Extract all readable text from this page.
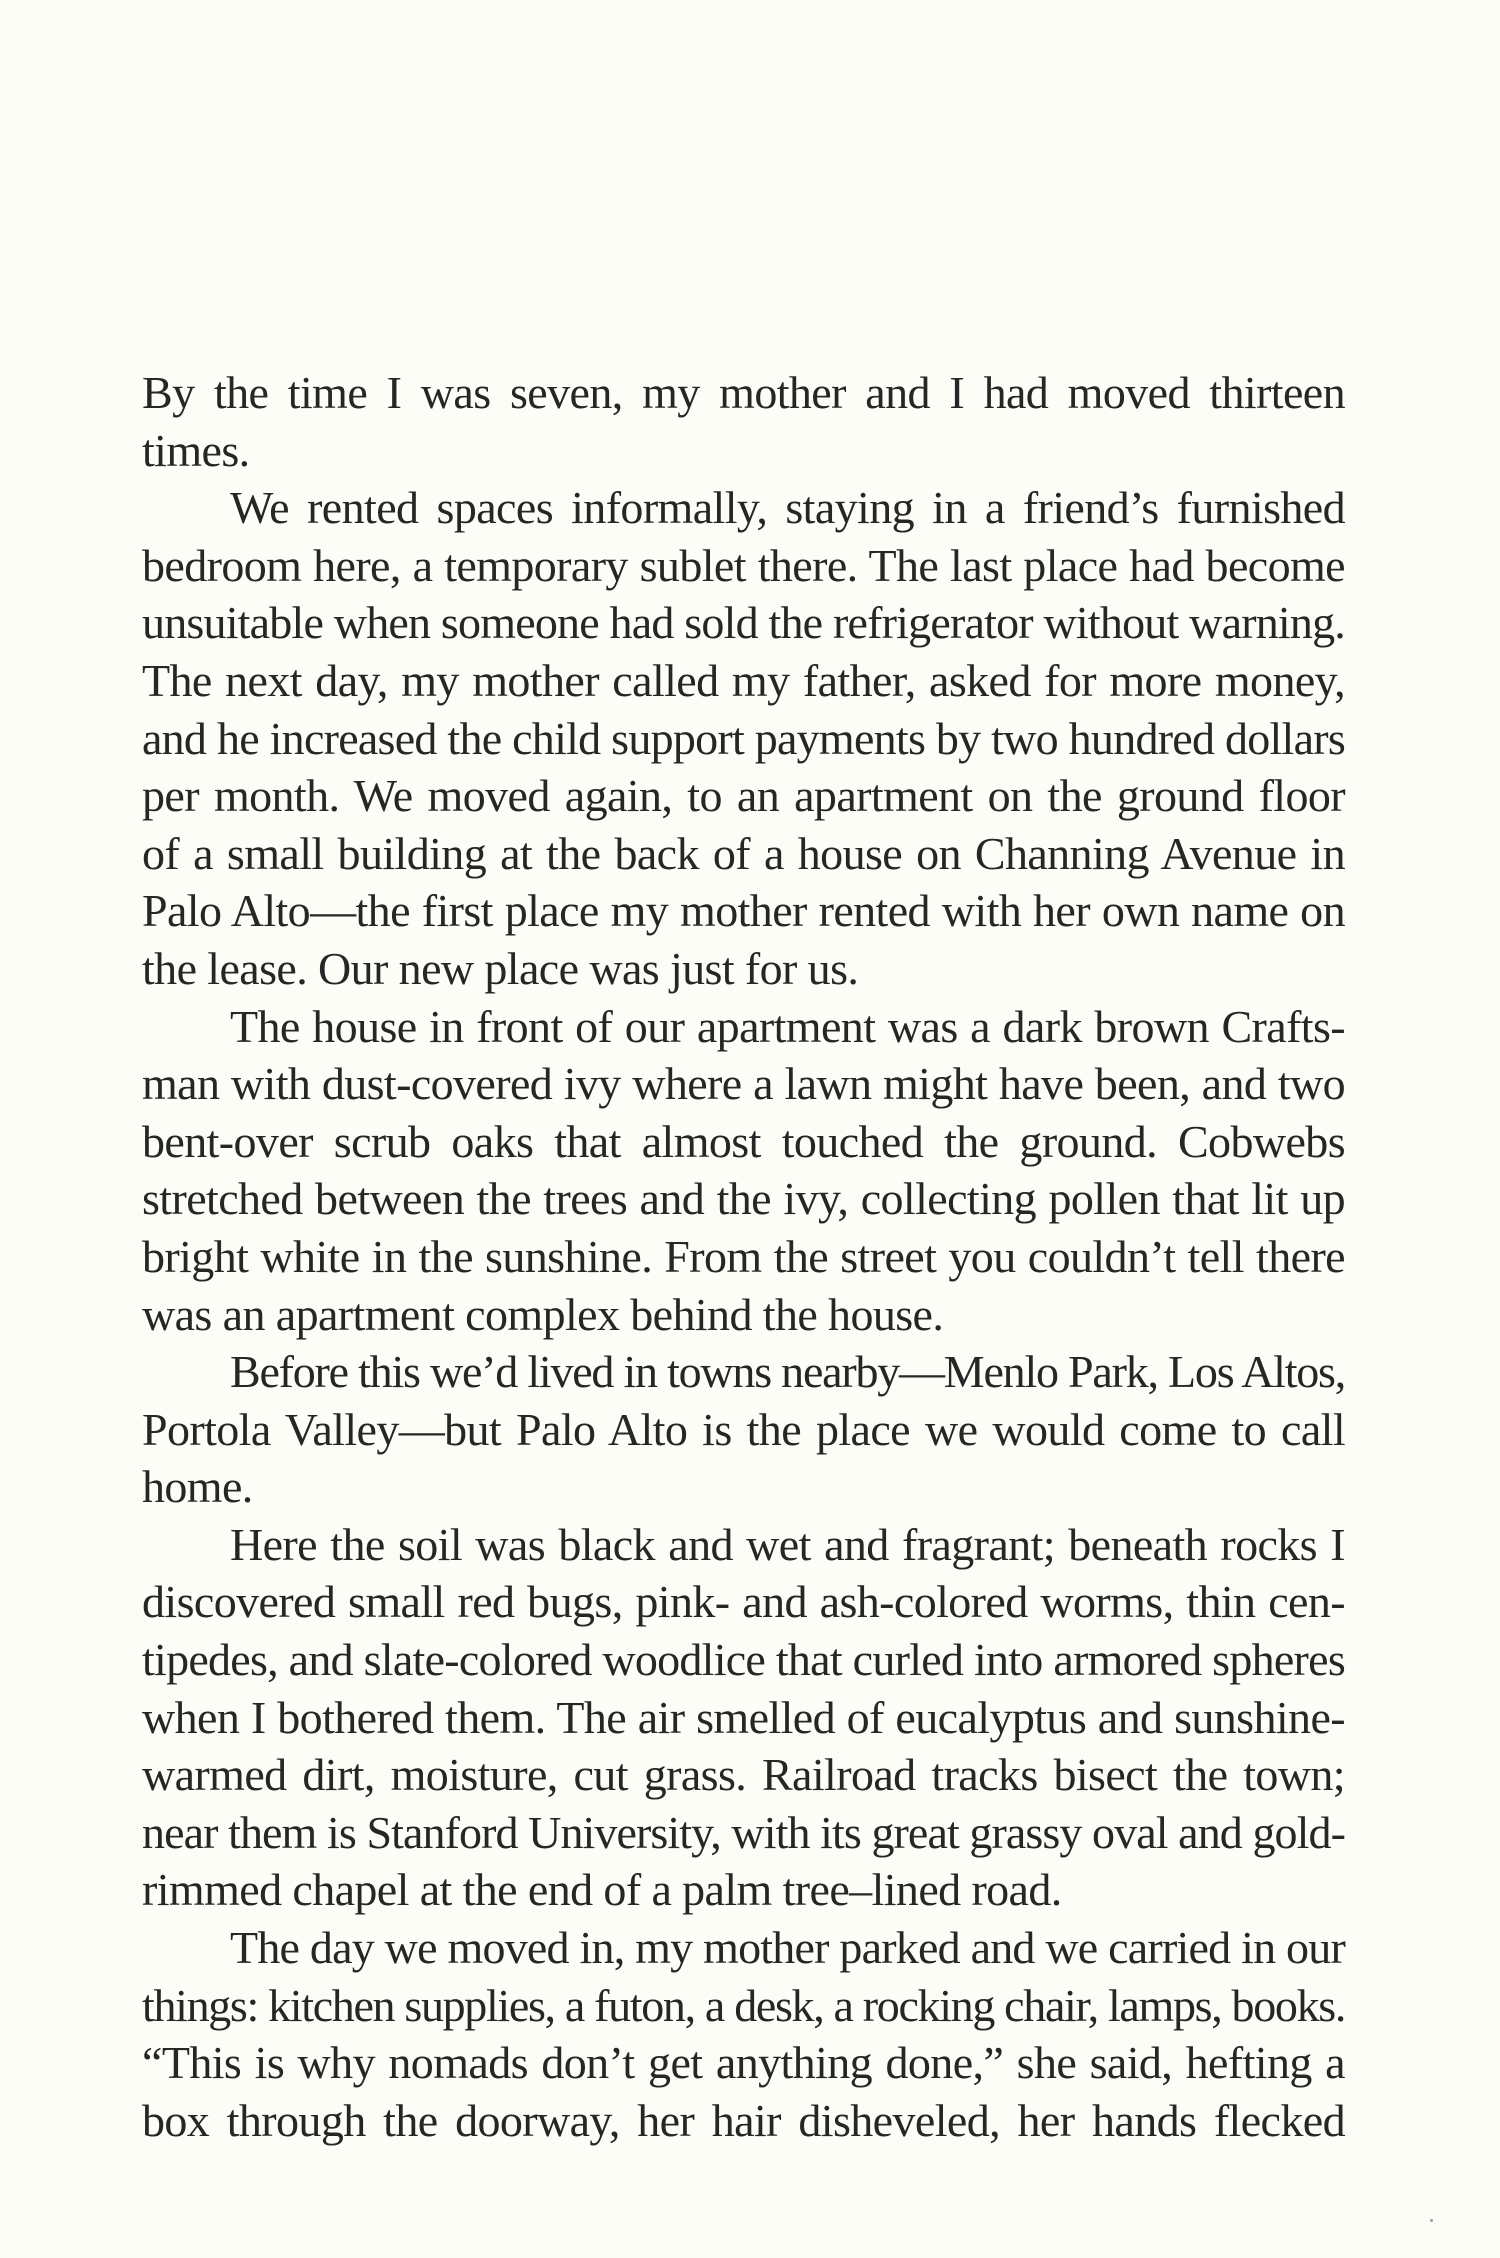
By the time I was seven, my mother and I had moved thirteen
times.
We rented spaces informally, staying in a friend’s furnished
bedroom here, a temporary sublet there. The last place had become
unsuitable when someone had sold the refrigerator without warning.
The next day, my mother called my father, asked for more money,
and he increased the child support payments by two hundred dollars
per month. We moved again, to an apartment on the ground floor
of a small building at the back of a house on Channing Avenue in
Palo Alto—the first place my mother rented with her own name on
the lease. Our new place was just for us.
The house in front of our apartment was a dark brown Crafts-
man with dust-covered ivy where a lawn might have been, and two
bent-over scrub oaks that almost touched the ground. Cobwebs
stretched between the trees and the ivy, collecting pollen that lit up
bright white in the sunshine. From the street you couldn’t tell there
was an apartment complex behind the house.
Before this we’d lived in towns nearby—Menlo Park, Los Altos,
Portola Valley—but Palo Alto is the place we would come to call
home.
Here the soil was black and wet and fragrant; beneath rocks I
discovered small red bugs, pink- and ash-colored worms, thin cen-
tipedes, and slate-colored woodlice that curled into armored spheres
when I bothered them. The air smelled of eucalyptus and sunshine-
warmed dirt, moisture, cut grass. Railroad tracks bisect the town;
near them is Stanford University, with its great grassy oval and gold-
rimmed chapel at the end of a palm tree–lined road.
The day we moved in, my mother parked and we carried in our
things: kitchen supplies, a futon, a desk, a rocking chair, lamps, books.
“This is why nomads don’t get anything done,” she said, hefting a
box through the doorway, her hair disheveled, her hands flecked
